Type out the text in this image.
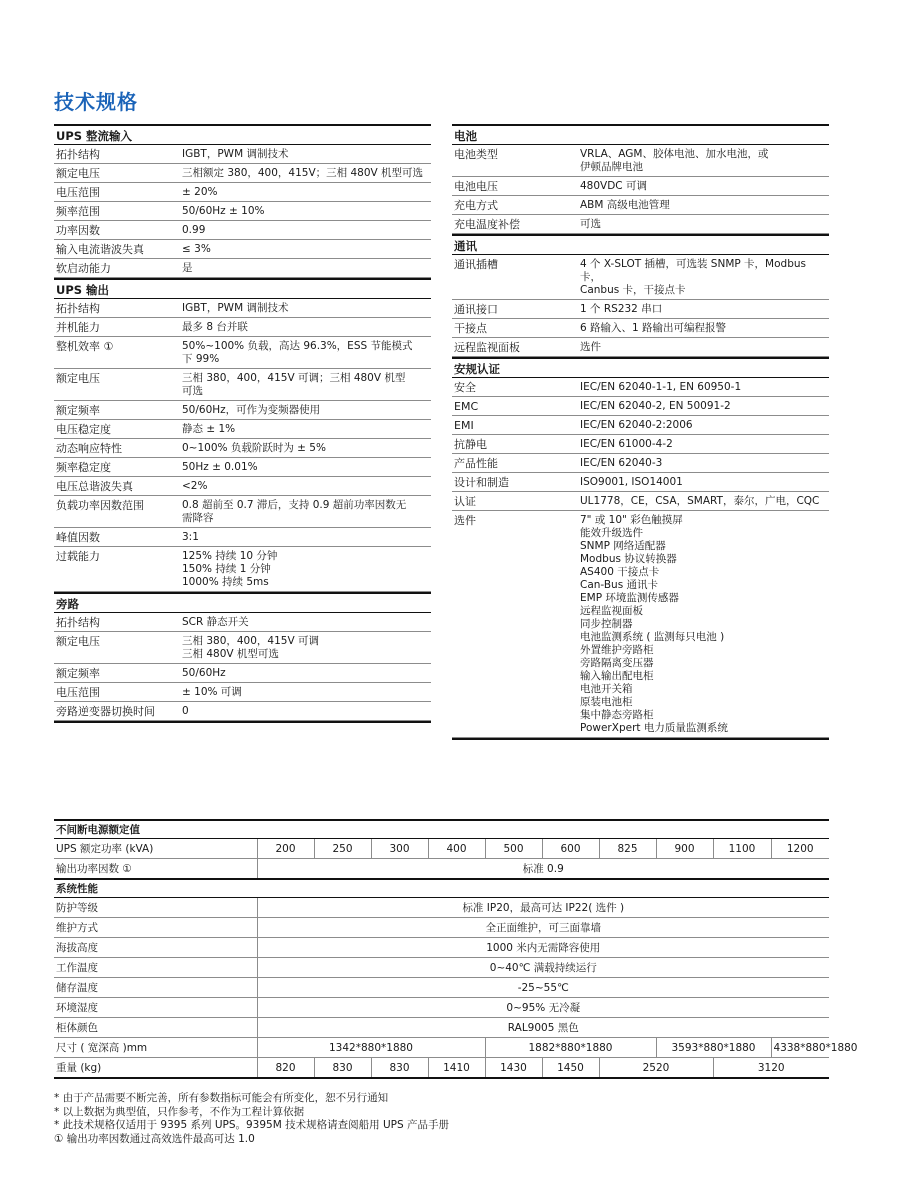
技术规格
UPS 整流输入
拓扑结构	IGBT，PWM 调制技术
额定电压	三相额定 380，400，415V；三相 480V 机型可选
电压范围	± 20%
频率范围	50/60Hz ± 10%
功率因数	0.99
输入电流谐波失真	≤ 3%
软启动能力	是
UPS 输出
拓扑结构	IGBT，PWM 调制技术
并机能力	最多 8 台并联
整机效率 ①	50%~100% 负载，高达 96.3%，ESS 节能模式
下 99%
额定电压	三相 380，400，415V 可调；三相 480V 机型
可选
额定频率	50/60Hz，可作为变频器使用
电压稳定度	静态 ± 1%
动态响应特性	0~100% 负载阶跃时为 ± 5%
频率稳定度	50Hz ± 0.01%
电压总谐波失真	<2%
负载功率因数范围	0.8 超前至 0.7 滞后，支持 0.9 超前功率因数无
需降容
峰值因数	3:1
过载能力	125% 持续 10 分钟
150% 持续 1 分钟
1000% 持续 5ms
旁路
拓扑结构	SCR 静态开关
额定电压	三相 380，400，415V 可调
三相 480V 机型可选
额定频率	50/60Hz
电压范围	± 10% 可调
旁路逆变器切换时间	0
电池
电池类型	VRLA、AGM、胶体电池、加水电池，或
伊顿品牌电池
电池电压	480VDC 可调
充电方式	ABM 高级电池管理
充电温度补偿	可选
通讯
通讯插槽	4 个 X-SLOT 插槽，可选装 SNMP 卡，Modbus 卡，
Canbus 卡，干接点卡
通讯接口	1 个 RS232 串口
干接点	6 路输入、1 路输出可编程报警
远程监视面板	选件
安规认证
安全	IEC/EN 62040-1-1, EN 60950-1
EMC	IEC/EN 62040-2, EN 50091-2
EMI	IEC/EN 62040-2:2006
抗静电	IEC/EN 61000-4-2
产品性能	IEC/EN 62040-3
设计和制造	ISO9001, ISO14001
认证	UL1778，CE，CSA，SMART，泰尔，广电，CQC
选件	7" 或 10" 彩色触摸屏
能效升级选件
SNMP 网络适配器
Modbus 协议转换器
AS400 干接点卡
Can-Bus 通讯卡
EMP 环境监测传感器
远程监视面板
同步控制器
电池监测系统 ( 监测每只电池 )
外置维护旁路柜
旁路隔离变压器
输入输出配电柜
电池开关箱
原装电池柜
集中静态旁路柜
PowerXpert 电力质量监测系统
不间断电源额定值										
UPS 额定功率 (kVA)	200	250	300	400	500	600	825	900	1100	1200
输出功率因数 ①	标准 0.9									
系统性能										
防护等级	标准 IP20，最高可达 IP22( 选件 )									
维护方式	全正面维护，可三面靠墙									
海拔高度	1000 米内无需降容使用									
工作温度	0~40℃ 满载持续运行									
储存温度	-25~55℃									
环境湿度	0~95% 无冷凝									
柜体颜色	RAL9005 黑色									
尺寸 ( 宽深高 )mm	1342*880*1880				1882*880*1880			3593*880*1880		4338*880*1880
重量 (kg)	820	830	830	1410	1430	1450	2520		3120	
* 由于产品需要不断完善，所有参数指标可能会有所变化，恕不另行通知
* 以上数据为典型值，只作参考，不作为工程计算依据
* 此技术规格仅适用于 9395 系列 UPS。9395M 技术规格请查阅船用 UPS 产品手册
① 输出功率因数通过高效选件最高可达 1.0
